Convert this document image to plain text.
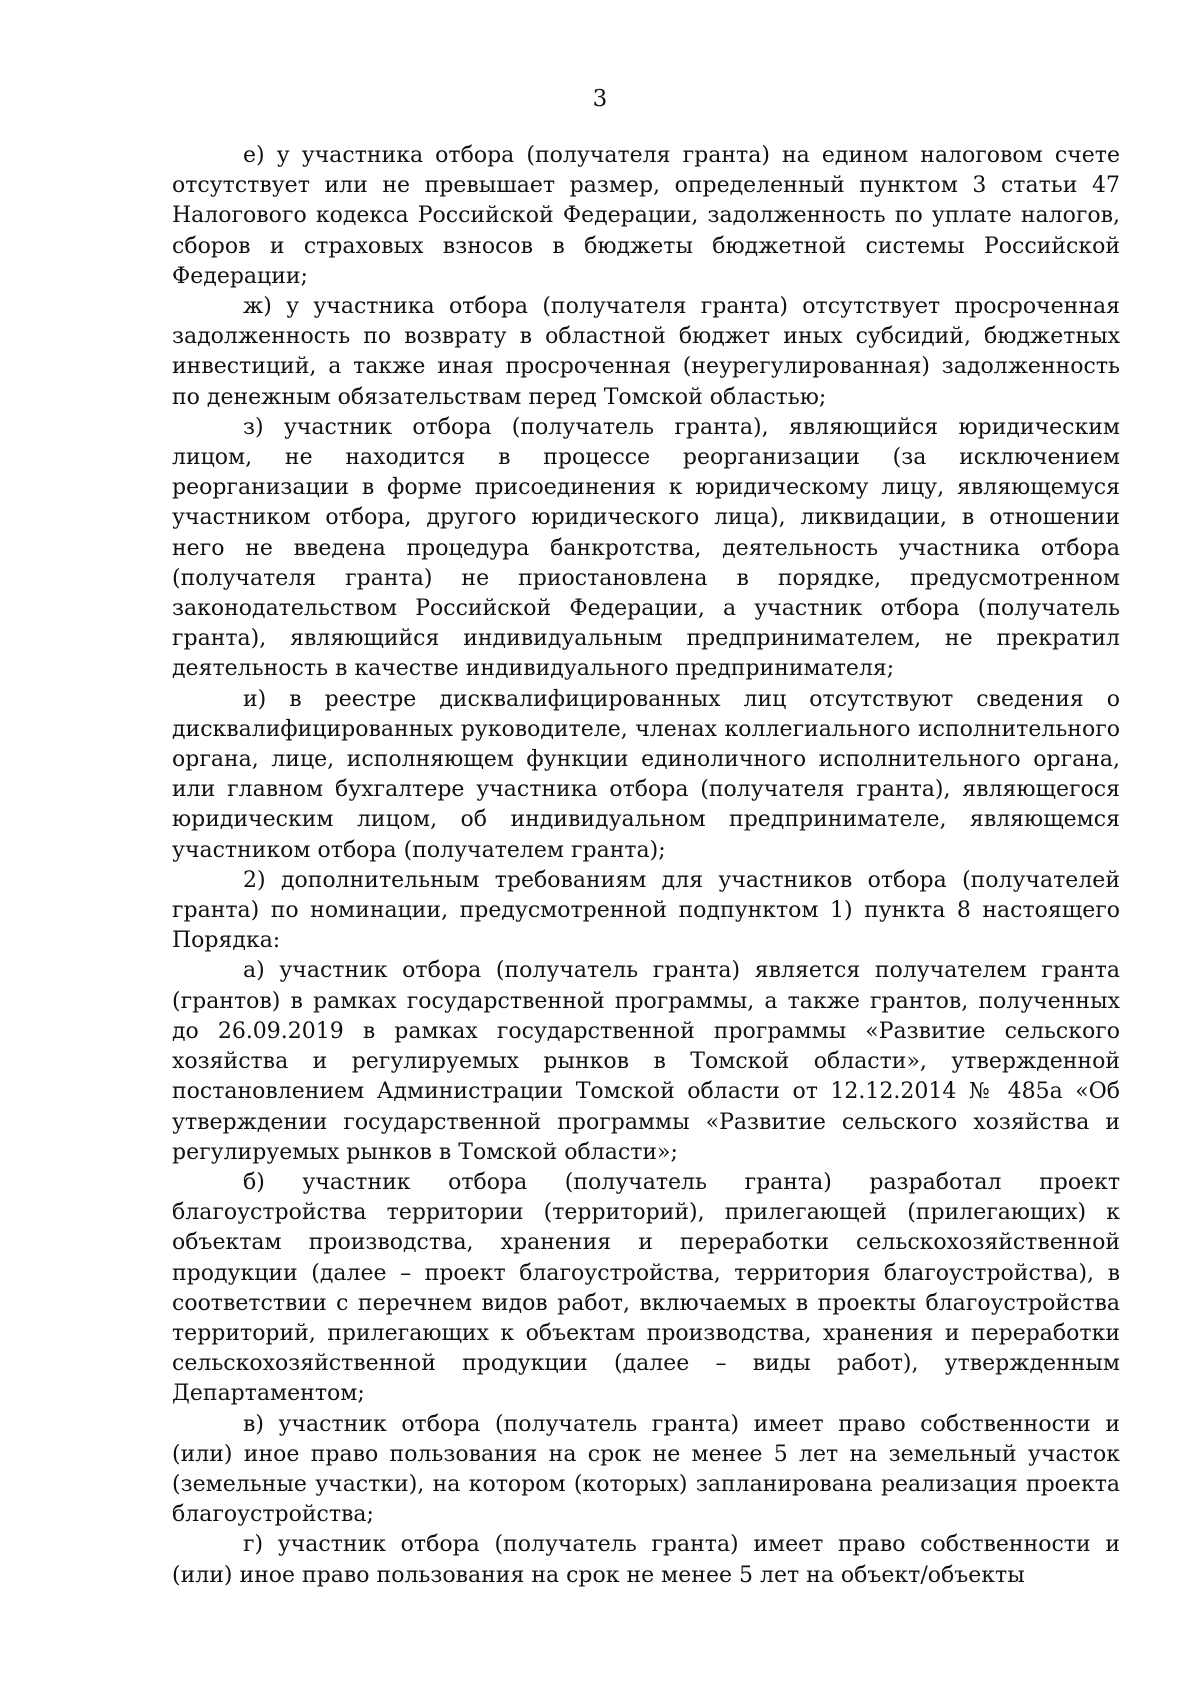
3

е) у участника отбора (получателя гранта) на едином налоговом счете отсутствует или не превышает размер, определенный пунктом 3 статьи 47 Налогового кодекса Российской Федерации, задолженность по уплате налогов, сборов и страховых взносов в бюджеты бюджетной системы Российской Федерации;

ж) у участника отбора (получателя гранта) отсутствует просроченная задолженность по возврату в областной бюджет иных субсидий, бюджетных инвестиций, а также иная просроченная (неурегулированная) задолженность по денежным обязательствам перед Томской областью;

з) участник отбора (получатель гранта), являющийся юридическим лицом, не находится в процессе реорганизации (за исключением реорганизации в форме присоединения к юридическому лицу, являющемуся участником отбора, другого юридического лица), ликвидации, в отношении него не введена процедура банкротства, деятельность участника отбора (получателя гранта) не приостановлена в порядке, предусмотренном законодательством Российской Федерации, а участник отбора (получатель гранта), являющийся индивидуальным предпринимателем, не прекратил деятельность в качестве индивидуального предпринимателя;

и) в реестре дисквалифицированных лиц отсутствуют сведения о дисквалифицированных руководителе, членах коллегиального исполнительного органа, лице, исполняющем функции единоличного исполнительного органа, или главном бухгалтере участника отбора (получателя гранта), являющегося юридическим лицом, об индивидуальном предпринимателе, являющемся участником отбора (получателем гранта);

2) дополнительным требованиям для участников отбора (получателей гранта) по номинации, предусмотренной подпунктом 1) пункта 8 настоящего Порядка:

а) участник отбора (получатель гранта) является получателем гранта (грантов) в рамках государственной программы, а также грантов, полученных до 26.09.2019 в рамках государственной программы «Развитие сельского хозяйства и регулируемых рынков в Томской области», утвержденной постановлением Администрации Томской области от 12.12.2014 № 485а «Об утверждении государственной программы «Развитие сельского хозяйства и регулируемых рынков в Томской области»;

б) участник отбора (получатель гранта) разработал проект благоустройства территории (территорий), прилегающей (прилегающих) к объектам производства, хранения и переработки сельскохозяйственной продукции (далее – проект благоустройства, территория благоустройства), в соответствии с перечнем видов работ, включаемых в проекты благоустройства территорий, прилегающих к объектам производства, хранения и переработки сельскохозяйственной продукции (далее – виды работ), утвержденным Департаментом;

в) участник отбора (получатель гранта) имеет право собственности и (или) иное право пользования на срок не менее 5 лет на земельный участок (земельные участки), на котором (которых) запланирована реализация проекта благоустройства;

г) участник отбора (получатель гранта) имеет право собственности и (или) иное право пользования на срок не менее 5 лет на объект/объекты
